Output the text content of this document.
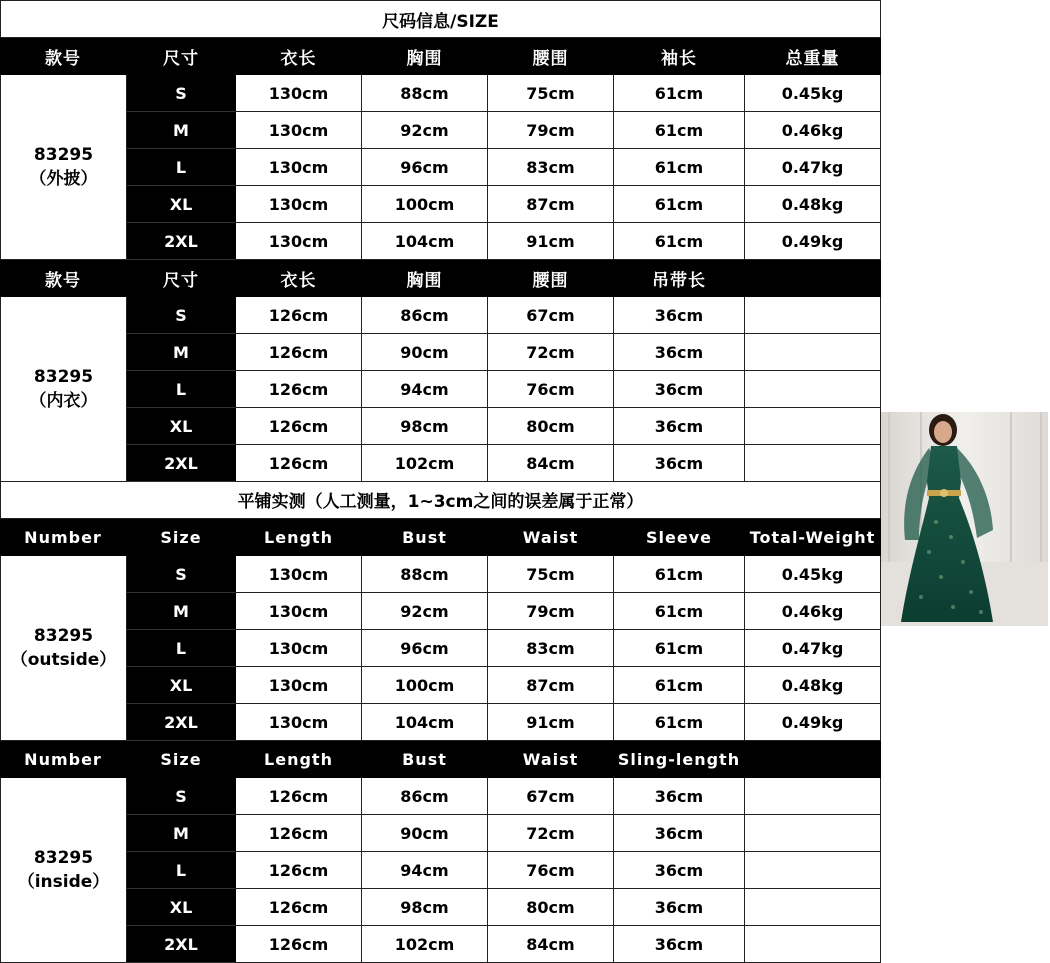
尺码信息/SIZE
平铺实测（人工测量，1~3cm之间的误差属于正常）
款号	尺寸	衣长	胸围	腰围	袖长	总重量
83295
（外披）
S	130cm	88cm	75cm	61cm	0.45kg
M	130cm	92cm	79cm	61cm	0.46kg
L	130cm	96cm	83cm	61cm	0.47kg
XL	130cm	100cm	87cm	61cm	0.48kg
2XL	130cm	104cm	91cm	61cm	0.49kg
款号	尺寸	衣长	胸围	腰围	吊带长
83295
（内衣）
S	126cm	86cm	67cm	36cm
M	126cm	90cm	72cm	36cm
L	126cm	94cm	76cm	36cm
XL	126cm	98cm	80cm	36cm
2XL	126cm	102cm	84cm	36cm
Number	Size	Length	Bust	Waist	Sleeve	Total-Weight
83295
（outside）
S	130cm	88cm	75cm	61cm	0.45kg
M	130cm	92cm	79cm	61cm	0.46kg
L	130cm	96cm	83cm	61cm	0.47kg
XL	130cm	100cm	87cm	61cm	0.48kg
2XL	130cm	104cm	91cm	61cm	0.49kg
Number	Size	Length	Bust	Waist	Sling-length
83295
（inside）
S	126cm	86cm	67cm	36cm
M	126cm	90cm	72cm	36cm
L	126cm	94cm	76cm	36cm
XL	126cm	98cm	80cm	36cm
2XL	126cm	102cm	84cm	36cm
